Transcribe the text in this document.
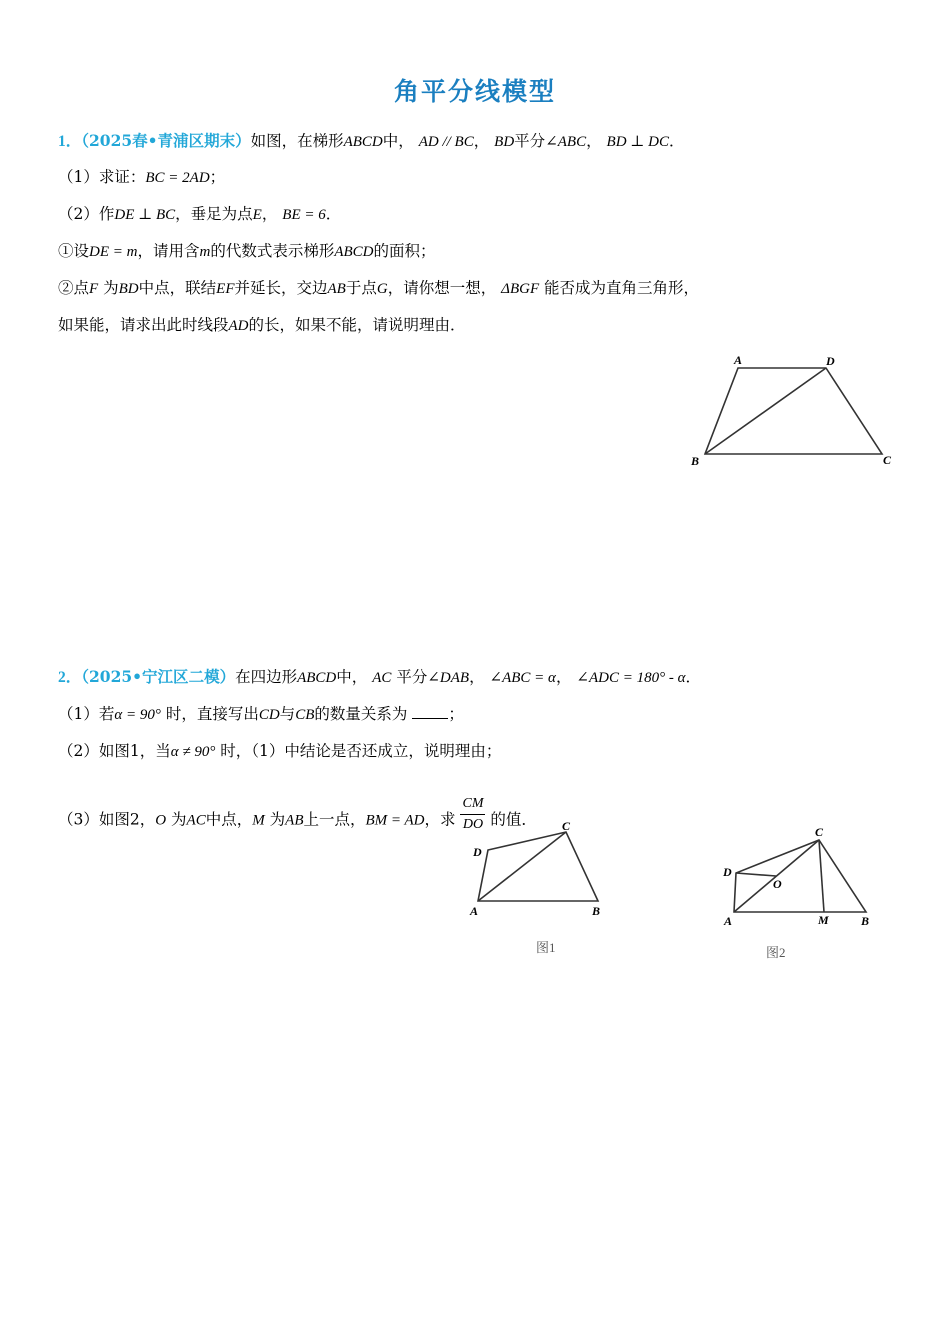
角平分线模型
1．（2025春•青浦区期末）如图，在梯形ABCD中， AD // BC， BD平分∠ABC， BD ⊥ DC．
（1）求证：BC = 2AD；
（2）作DE ⊥ BC，垂足为点E， BE = 6．
①设DE = m，请用含m的代数式表示梯形ABCD的面积；
②点F 为BD中点，联结EF并延长，交边AB于点G，请你想一想， ΔBGF 能否成为直角三角形，
如果能，请求出此时线段AD的长，如果不能，请说明理由．
A	D
B	C
2．（2025•宁江区二模）在四边形ABCD中， AC 平分∠DAB， ∠ABC = α， ∠ADC = 180° - α．
（1）若α = 90° 时，直接写出CD与CB的数量关系为	；
（2）如图1，当α ≠ 90° 时，（1）中结论是否还成立，说明理由；
（3）如图2，O 为AC中点，M 为AB上一点，BM = AD，求 $\frac{CM}{DO}$ 的值． C
D
A	B
图1
C
D
O
A	M	B
图2
